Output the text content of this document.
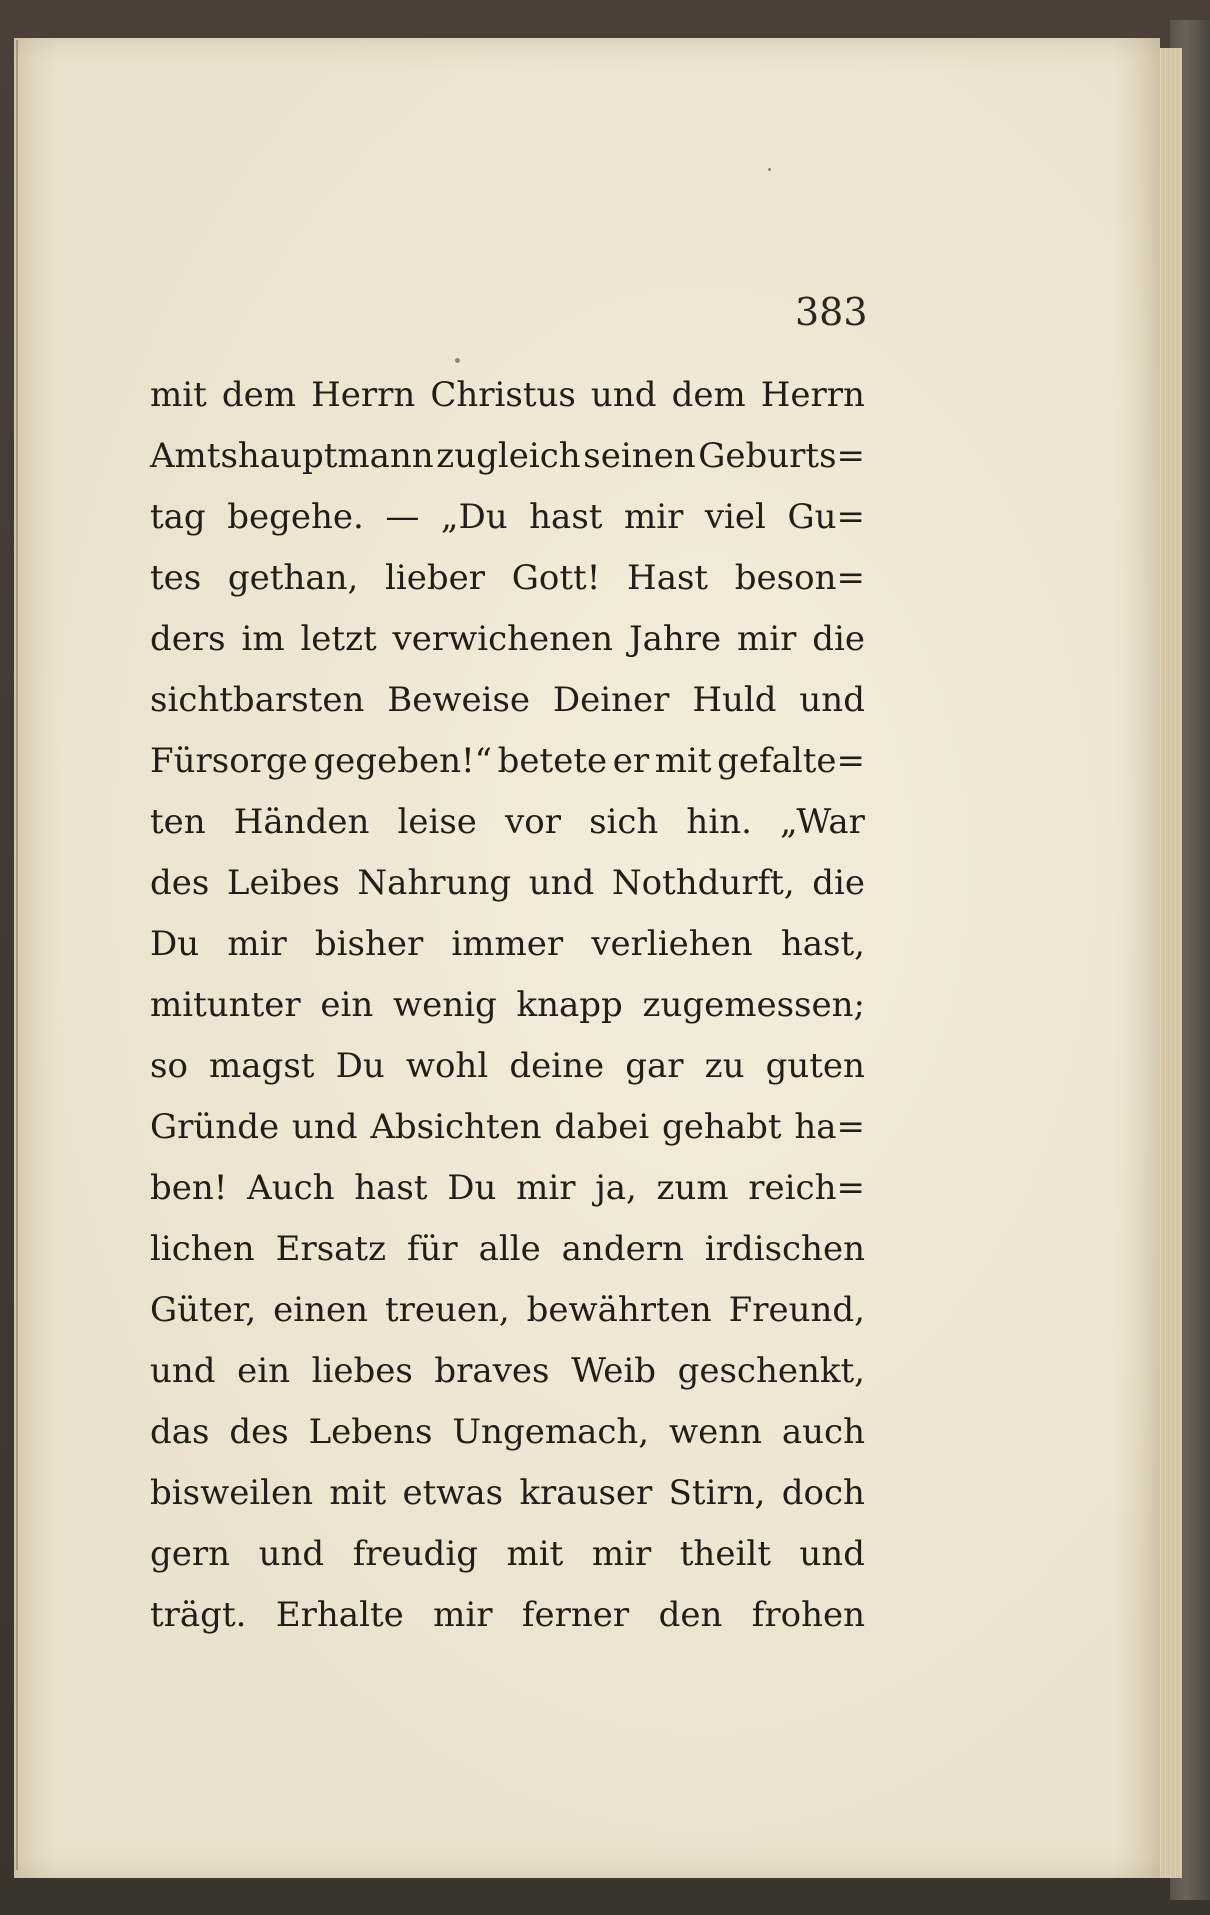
383
mit dem Herrn Christus und dem Herrn
Amtshauptmann zugleich seinen Geburts=
tag begehe. — „Du hast mir viel Gu=
tes gethan, lieber Gott! Hast beson=
ders im letzt verwichenen Jahre mir die
sichtbarsten Beweise Deiner Huld und
Fürsorge gegeben!“ betete er mit gefalte=
ten Händen leise vor sich hin. „War
des Leibes Nahrung und Nothdurft, die
Du mir bisher immer verliehen hast,
mitunter ein wenig knapp zugemessen;
so magst Du wohl deine gar zu guten
Gründe und Absichten dabei gehabt ha=
ben! Auch hast Du mir ja, zum reich=
lichen Ersatz für alle andern irdischen
Güter, einen treuen, bewährten Freund,
und ein liebes braves Weib geschenkt,
das des Lebens Ungemach, wenn auch
bisweilen mit etwas krauser Stirn, doch
gern und freudig mit mir theilt und
trägt. Erhalte mir ferner den frohen
